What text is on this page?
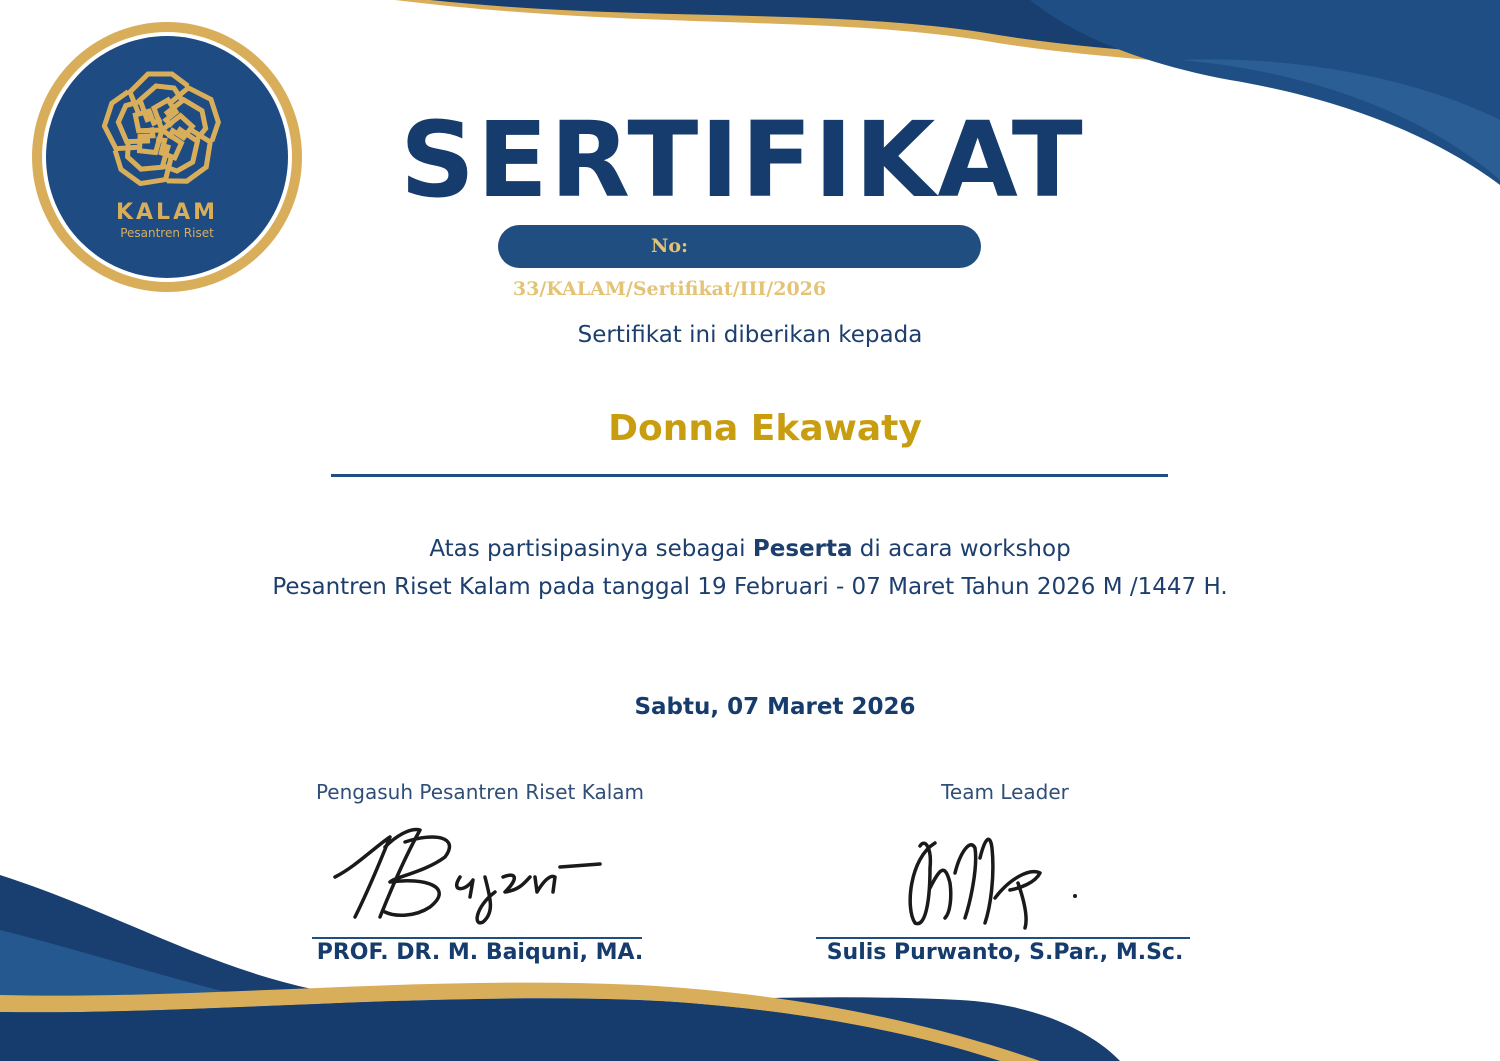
KALAM
Pesantren Riset
SERTIFIKAT
No: 33/KALAM/Sertifikat/III/2026
Sertifikat ini diberikan kepada
Donna Ekawaty
Atas partisipasinya sebagai Peserta di acara workshop
Pesantren Riset Kalam pada tanggal 19 Februari - 07 Maret Tahun 2026 M /1447 H.
Sabtu, 07 Maret 2026
Pengasuh Pesantren Riset Kalam
PROF. DR. M. Baiquni, MA.
Team Leader
Sulis Purwanto, S.Par., M.Sc.
